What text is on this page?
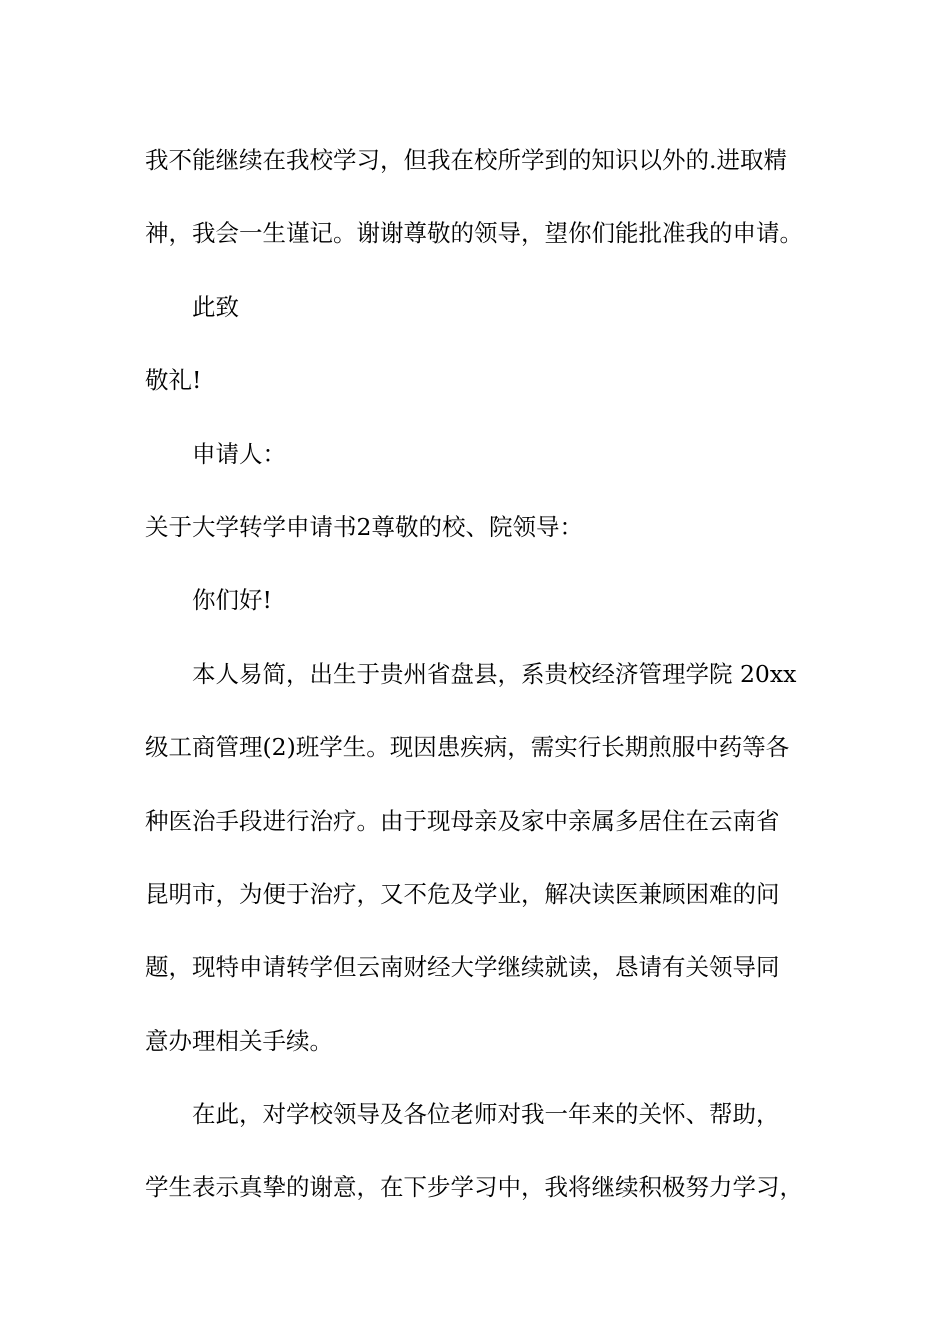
我不能继续在我校学习，但我在校所学到的知识以外的.进取精
神，我会一生谨记。谢谢尊敬的领导，望你们能批准我的申请。
此致
敬礼!
申请人：
关于大学转学申请书2尊敬的校、院领导：
你们好!
本人易简，出生于贵州省盘县，系贵校经济管理学院 20xx
级工商管理(2)班学生。现因患疾病，需实行长期煎服中药等各
种医治手段进行治疗。由于现母亲及家中亲属多居住在云南省
昆明市，为便于治疗，又不危及学业，解决读医兼顾困难的问
题，现特申请转学但云南财经大学继续就读，恳请有关领导同
意办理相关手续。
在此，对学校领导及各位老师对我一年来的关怀、帮助，
学生表示真挚的谢意，在下步学习中，我将继续积极努力学习，
